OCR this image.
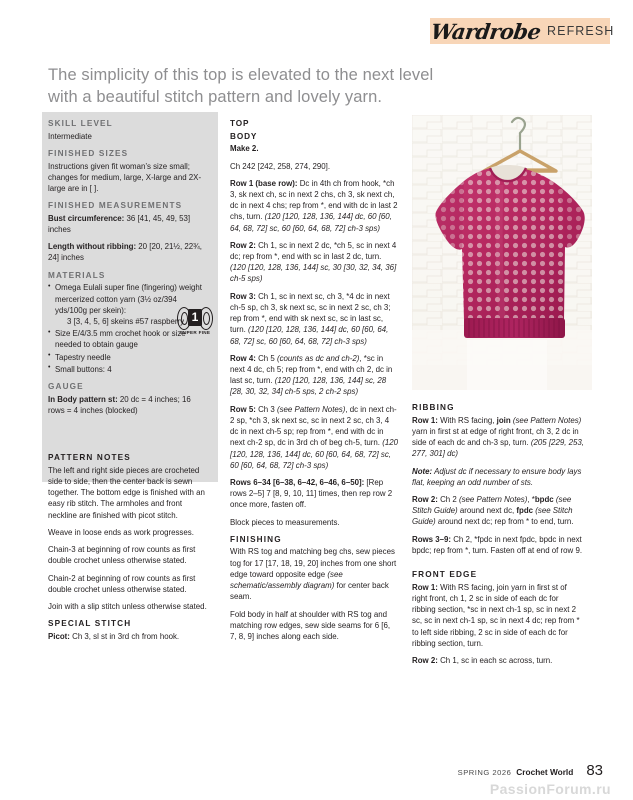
Wardrobe REFRESH
The simplicity of this top is elevated to the next level
with a beautiful stitch pattern and lovely yarn.
SKILL LEVEL

Intermediate

FINISHED SIZES

Instructions given fit woman’s size small; changes for medium, large, X-large and 2X-large are in [ ].

FINISHED MEASUREMENTS

Bust circumference: 36 [41, 45, 49, 53] inches

Length without ribbing: 20 [20, 21½, 22¾, 24] inches

MATERIALS
• Omega Eulali super fine (fingering) weight mercerized cotton yarn (3½ oz/394 yds/100g per skein):
3 [3, 4, 5, 6] skeins #57 raspberry
• Size E/4/3.5 mm crochet hook or size needed to obtain gauge
• Tapestry needle
• Small buttons: 4
GAUGE

In Body pattern st: 20 dc = 4 inches; 16 rows = 4 inches (blocked)

PATTERN NOTES

The left and right side pieces are crocheted side to side, then the center back is sewn together. The bottom edge is finished with an easy rib stitch. The armholes and front neckline are finished with picot stitch.

Weave in loose ends as work progresses.

Chain-3 at beginning of row counts as first double crochet unless otherwise stated.

Chain-2 at beginning of row counts as first double crochet unless otherwise stated.

Join with a slip stitch unless otherwise stated.

SPECIAL STITCH

Picot: Ch 3, sl st in 3rd ch from hook.

1
SUPER FINE
TOP
BODY

Make 2.

Ch 242 [242, 258, 274, 290].

Row 1 (base row): Dc in 4th ch from hook, *ch 3, sk next ch, sc in next 2 chs, ch 3, sk next ch, dc in next 4 chs; rep from *, end with dc in last 2 chs, turn. (120 [120, 128, 136, 144] dc, 60 [60, 64, 68, 72] sc, 60 [60, 64, 68, 72] ch-3 sps)

Row 2: Ch 1, sc in next 2 dc, *ch 5, sc in next 4 dc; rep from *, end with sc in last 2 dc, turn. (120 [120, 128, 136, 144] sc, 30 [30, 32, 34, 36] ch-5 sps)

Row 3: Ch 1, sc in next sc, ch 3, *4 dc in next ch-5 sp, ch 3, sk next sc, sc in next 2 sc, ch 3; rep from *, end with sk next sc, sc in last sc, turn. (120 [120, 128, 136, 144] dc, 60 [60, 64, 68, 72] sc, 60 [60, 64, 68, 72] ch-3 sps)

Row 4: Ch 5 (counts as dc and ch-2), *sc in next 4 dc, ch 5; rep from *, end with ch 2, dc in last sc, turn. (120 [120, 128, 136, 144] sc, 28 [28, 30, 32, 34] ch-5 sps, 2 ch-2 sps)

Row 5: Ch 3 (see Pattern Notes), dc in next ch-2 sp, *ch 3, sk next sc, sc in next 2 sc, ch 3, 4 dc in next ch-5 sp; rep from *, end with dc in next ch-2 sp, dc in 3rd ch of beg ch-5, turn. (120 [120, 128, 136, 144] dc, 60 [60, 64, 68, 72] sc, 60 [60, 64, 68, 72] ch-3 sps)

Rows 6–34 [6–38, 6–42, 6–46, 6–50]: [Rep rows 2–5] 7 [8, 9, 10, 11] times, then rep row 2 once more, fasten off.

Block pieces to measurements.

FINISHING

With RS tog and matching beg chs, sew pieces tog for 17 [17, 18, 19, 20] inches from one short edge toward opposite edge (see schematic/assembly diagram) for center back seam.

Fold body in half at shoulder with RS tog and matching row edges, sew side seams for 6 [6, 7, 8, 9] inches along each side.

RIBBING

Row 1: With RS facing, join (see Pattern Notes) yarn in first st at edge of right front, ch 3, 2 dc in side of each dc and ch-3 sp, turn. (205 [229, 253, 277, 301] dc)

Note: Adjust dc if necessary to ensure body lays flat, keeping an odd number of sts.

Row 2: Ch 2 (see Pattern Notes), *bpdc (see Stitch Guide) around next dc, fpdc (see Stitch Guide) around next dc; rep from * to end, turn.

Rows 3–9: Ch 2, *fpdc in next fpdc, bpdc in next bpdc; rep from *, turn. Fasten off at end of row 9.

FRONT EDGE

Row 1: With RS facing, join yarn in first st of right front, ch 1, 2 sc in side of each dc for ribbing section, *sc in next ch-1 sp, sc in next 2 sc, sc in next ch-1 sp, sc in next 4 dc; rep from * to left side ribbing, 2 sc in side of each dc for ribbing section, turn.

Row 2: Ch 1, sc in each sc across, turn.

SPRING 2026 Crochet World 83
PassionForum.ru
